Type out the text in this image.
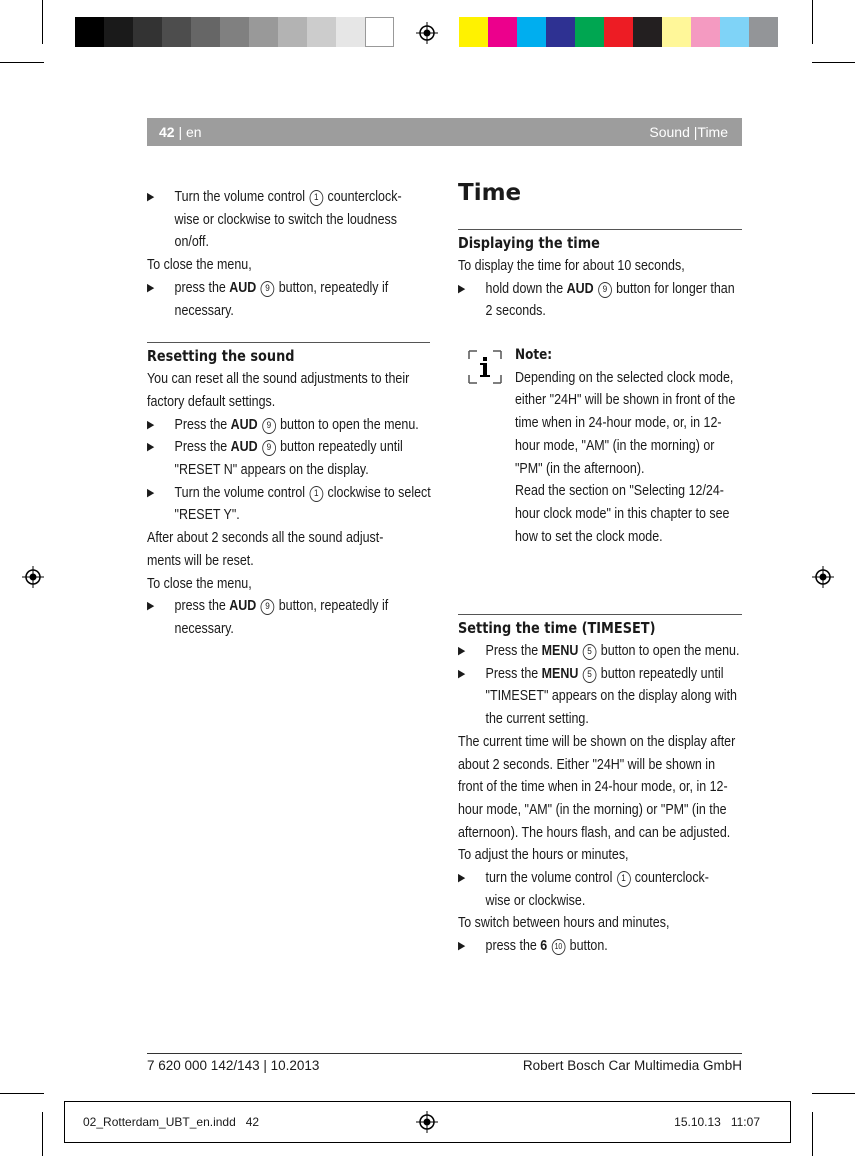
42 | en	Sound |Time

▶ Turn the volume control 1 counterclock-
wise or clockwise to switch the loudness
on/off.

To close the menu,

▶ press the AUD 9 button, repeatedly if necessary.

Resetting the sound

You can reset all the sound adjustments to their factory default settings.

▶ Press the AUD 9 button to open the menu.

▶ Press the AUD 9 button repeatedly until "RESET N" appears on the display.

▶ Turn the volume control 1 clockwise to select "RESET Y".

After about 2 seconds all the sound adjust-
ments will be reset.

To close the menu,

▶ press the AUD 9 button, repeatedly if necessary.

Time

Displaying the time

To display the time for about 10 seconds,

▶ hold down the AUD 9 button for longer than 2 seconds.

Note:

Depending on the selected clock mode, either "24H" will be shown in front of the time when in 24-hour mode, or, in 12-hour mode, "AM" (in the morning) or "PM" (in the afternoon).

Read the section on "Selecting 12/24-hour clock mode" in this chapter to see how to set the clock mode.

Setting the time (TIMESET)

▶ Press the MENU 5 button to open the menu.

▶ Press the MENU 5 button repeatedly until "TIMESET" appears on the display along with the current setting.

The current time will be shown on the display after about 2 seconds. Either "24H" will be shown in front of the time when in 24-hour mode, or, in 12-hour mode, "AM" (in the morning) or "PM" (in the afternoon). The hours flash, and can be adjusted.

To adjust the hours or minutes,

▶ turn the volume control 1 counterclock-
wise or clockwise.

To switch between hours and minutes,

▶ press the 6 10 button.

7 620 000 142/143 | 10.2013	Robert Bosch Car Multimedia GmbH
02_Rotterdam_UBT_en.indd   42	15.10.13   11:07
